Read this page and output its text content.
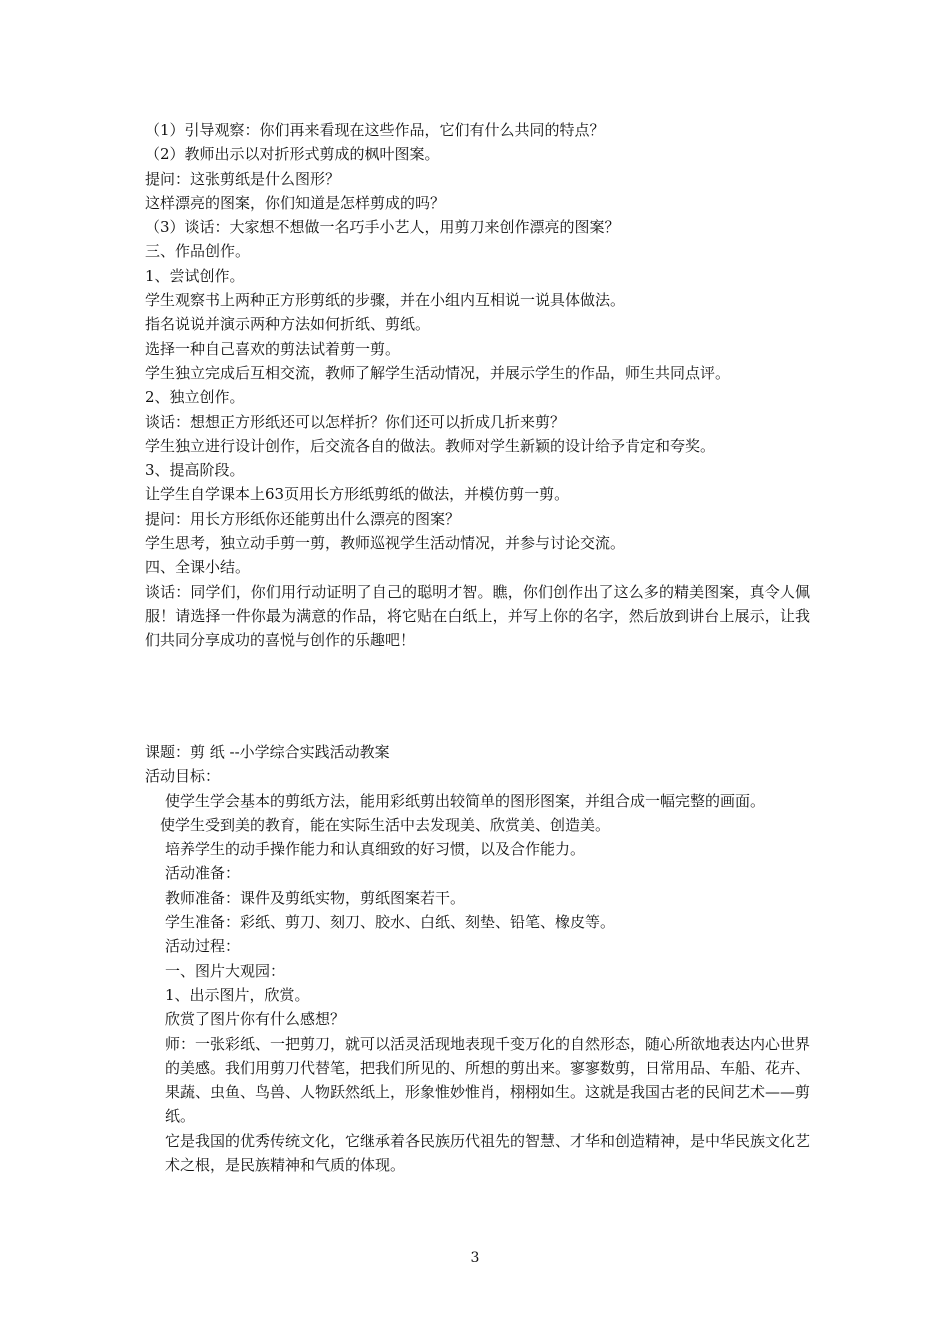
（1）引导观察：你们再来看现在这些作品，它们有什么共同的特点？

（2）教师出示以对折形式剪成的枫叶图案。

提问：这张剪纸是什么图形？

这样漂亮的图案，你们知道是怎样剪成的吗？

（3）谈话：大家想不想做一名巧手小艺人，用剪刀来创作漂亮的图案？

三、作品创作。

1、尝试创作。

学生观察书上两种正方形剪纸的步骤，并在小组内互相说一说具体做法。

指名说说并演示两种方法如何折纸、剪纸。

选择一种自己喜欢的剪法试着剪一剪。

学生独立完成后互相交流，教师了解学生活动情况，并展示学生的作品，师生共同点评。

2、独立创作。

谈话：想想正方形纸还可以怎样折？你们还可以折成几折来剪？

学生独立进行设计创作，后交流各自的做法。教师对学生新颖的设计给予肯定和夸奖。

3、提高阶段。

让学生自学课本上63页用长方形纸剪纸的做法，并模仿剪一剪。

提问：用长方形纸你还能剪出什么漂亮的图案？

学生思考，独立动手剪一剪，教师巡视学生活动情况，并参与讨论交流。

四、全课小结。

谈话：同学们，你们用行动证明了自己的聪明才智。瞧，你们创作出了这么多的精美图案，真令人佩服！请选择一件你最为满意的作品，将它贴在白纸上，并写上你的名字，然后放到讲台上展示，让我们共同分享成功的喜悦与创作的乐趣吧！

课题：剪 纸 --小学综合实践活动教案

活动目标：

使学生学会基本的剪纸方法，能用彩纸剪出较简单的图形图案，并组合成一幅完整的画面。

使学生受到美的教育，能在实际生活中去发现美、欣赏美、创造美。

培养学生的动手操作能力和认真细致的好习惯，以及合作能力。

活动准备：

教师准备：课件及剪纸实物，剪纸图案若干。

学生准备：彩纸、剪刀、刻刀、胶水、白纸、刻垫、铅笔、橡皮等。

活动过程：

一、图片大观园：

1、出示图片，欣赏。

欣赏了图片你有什么感想？

师：一张彩纸、一把剪刀，就可以活灵活现地表现千变万化的自然形态，随心所欲地表达内心世界的美感。我们用剪刀代替笔，把我们所见的、所想的剪出来。寥寥数剪，日常用品、车船、花卉、果蔬、虫鱼、鸟兽、人物跃然纸上，形象惟妙惟肖，栩栩如生。这就是我国古老的民间艺术——剪纸。

它是我国的优秀传统文化，它继承着各民族历代祖先的智慧、才华和创造精神，是中华民族文化艺术之根，是民族精神和气质的体现。

3
